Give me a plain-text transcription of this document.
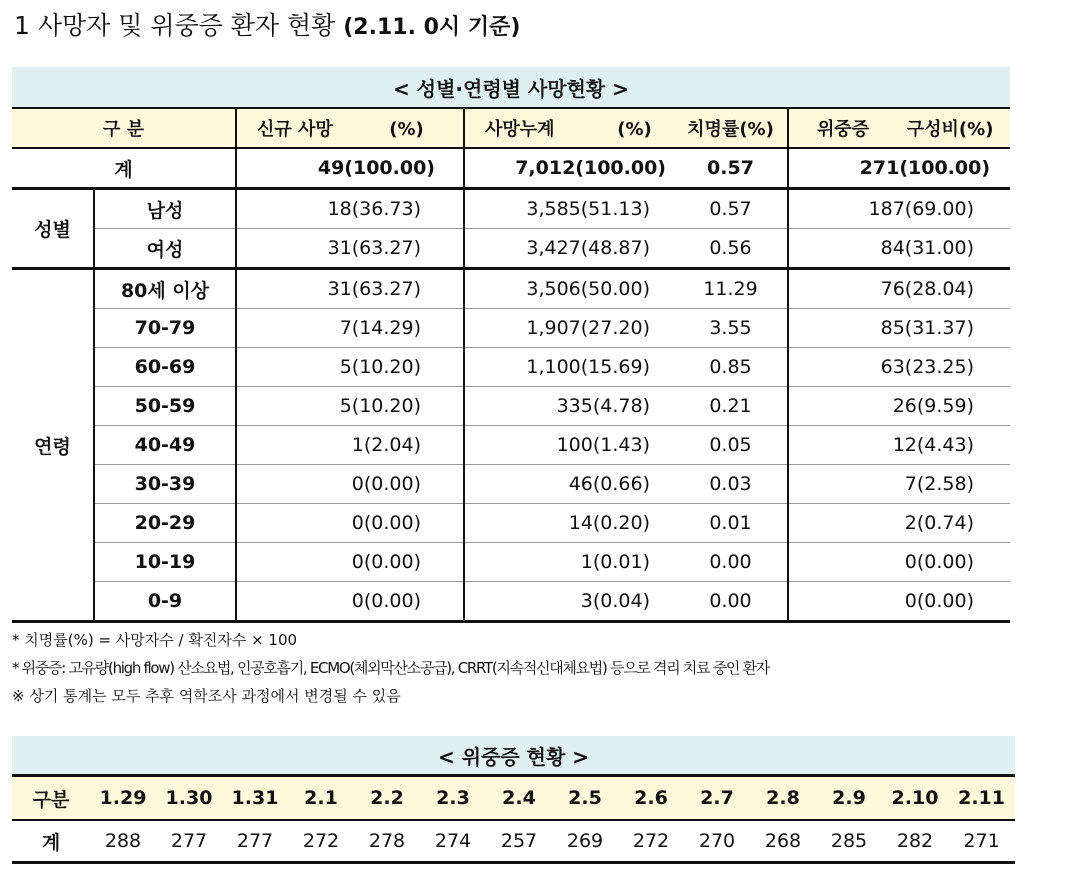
1 사망자 및 위중증 환자 현황 (2.11. 0시 기준)
< 성별·연령별 사망현황 >					
구 분		신규 사망         (%)	사망누계          (%)	치명률(%)	위중증      구성비(%)
계		49(100.00)	7,012(100.00)	0.57	271(100.00)
성별	남성	18(36.73)	3,585(51.13)	0.57	187(69.00)
	여성	31(63.27)	3,427(48.87)	0.56	84(31.00)
연령	80세 이상	31(63.27)	3,506(50.00)	11.29	76(28.04)
	70-79	7(14.29)	1,907(27.20)	3.55	85(31.37)
	60-69	5(10.20)	1,100(15.69)	0.85	63(23.25)
	50-59	5(10.20)	335(4.78)	0.21	26(9.59)
	40-49	1(2.04)	100(1.43)	0.05	12(4.43)
	30-39	0(0.00)	46(0.66)	0.03	7(2.58)
	20-29	0(0.00)	14(0.20)	0.01	2(0.74)
	10-19	0(0.00)	1(0.01)	0.00	0(0.00)
	0-9	0(0.00)	3(0.04)	0.00	0(0.00)
* 치명률(%) = 사망자수 / 확진자수 × 100
* 위중증: 고유량(high flow) 산소요법, 인공호흡기, ECMO(체외막산소공급), CRRT(지속적신대체요법) 등으로 격리 치료 중인 환자
※ 상기 통계는 모두 추후 역학조사 과정에서 변경될 수 있음
< 위중증 현황 >														
구분	1.29	1.30	1.31	2.1	2.2	2.3	2.4	2.5	2.6	2.7	2.8	2.9	2.10	2.11
계	288	277	277	272	278	274	257	269	272	270	268	285	282	271
